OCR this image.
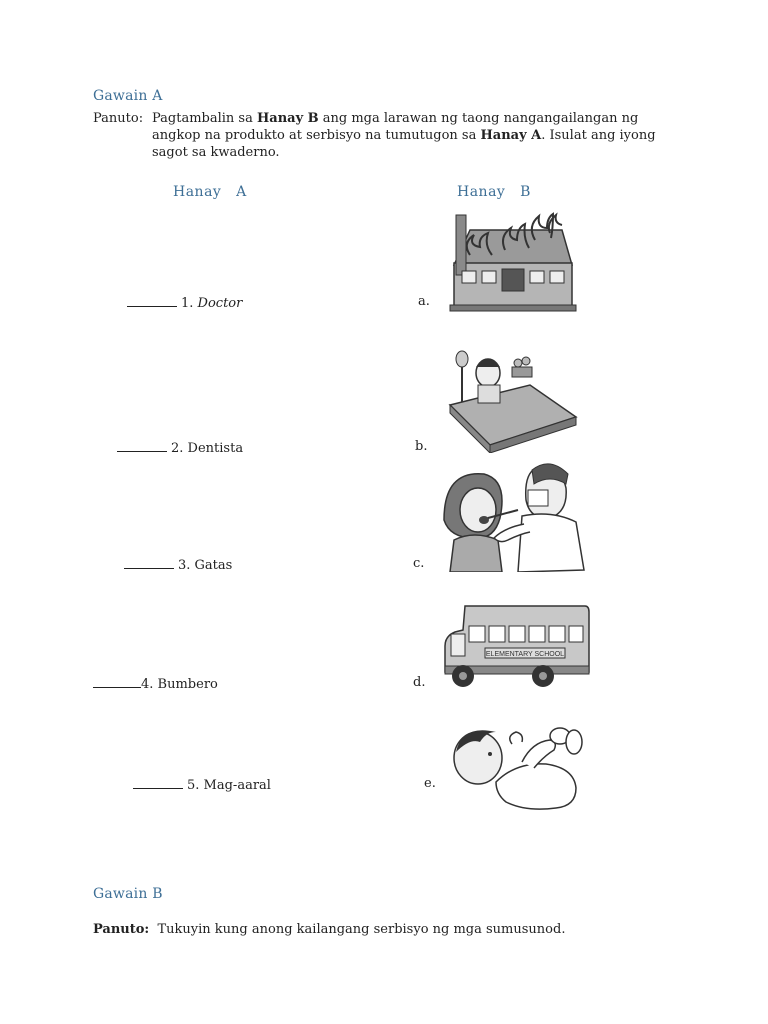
Gawain A
Panuto: Pagtambalin sa Hanay B ang mga larawan ng taong nangangailangan ng
angkop na produkto at serbisyo na tumutugon sa Hanay A. Isulat ang iyong
sagot sa kwaderno.
Hanay   A	Hanay   B
1. Doctor
2. Dentista
3. Gatas
4. Bumbero
5. Mag-aaral
a.
b.
c.
d.
e.
ELEMENTARY SCHOOL
Gawain B
Panuto:  Tukuyin kung anong kailangang serbisyo ng mga sumusunod.
